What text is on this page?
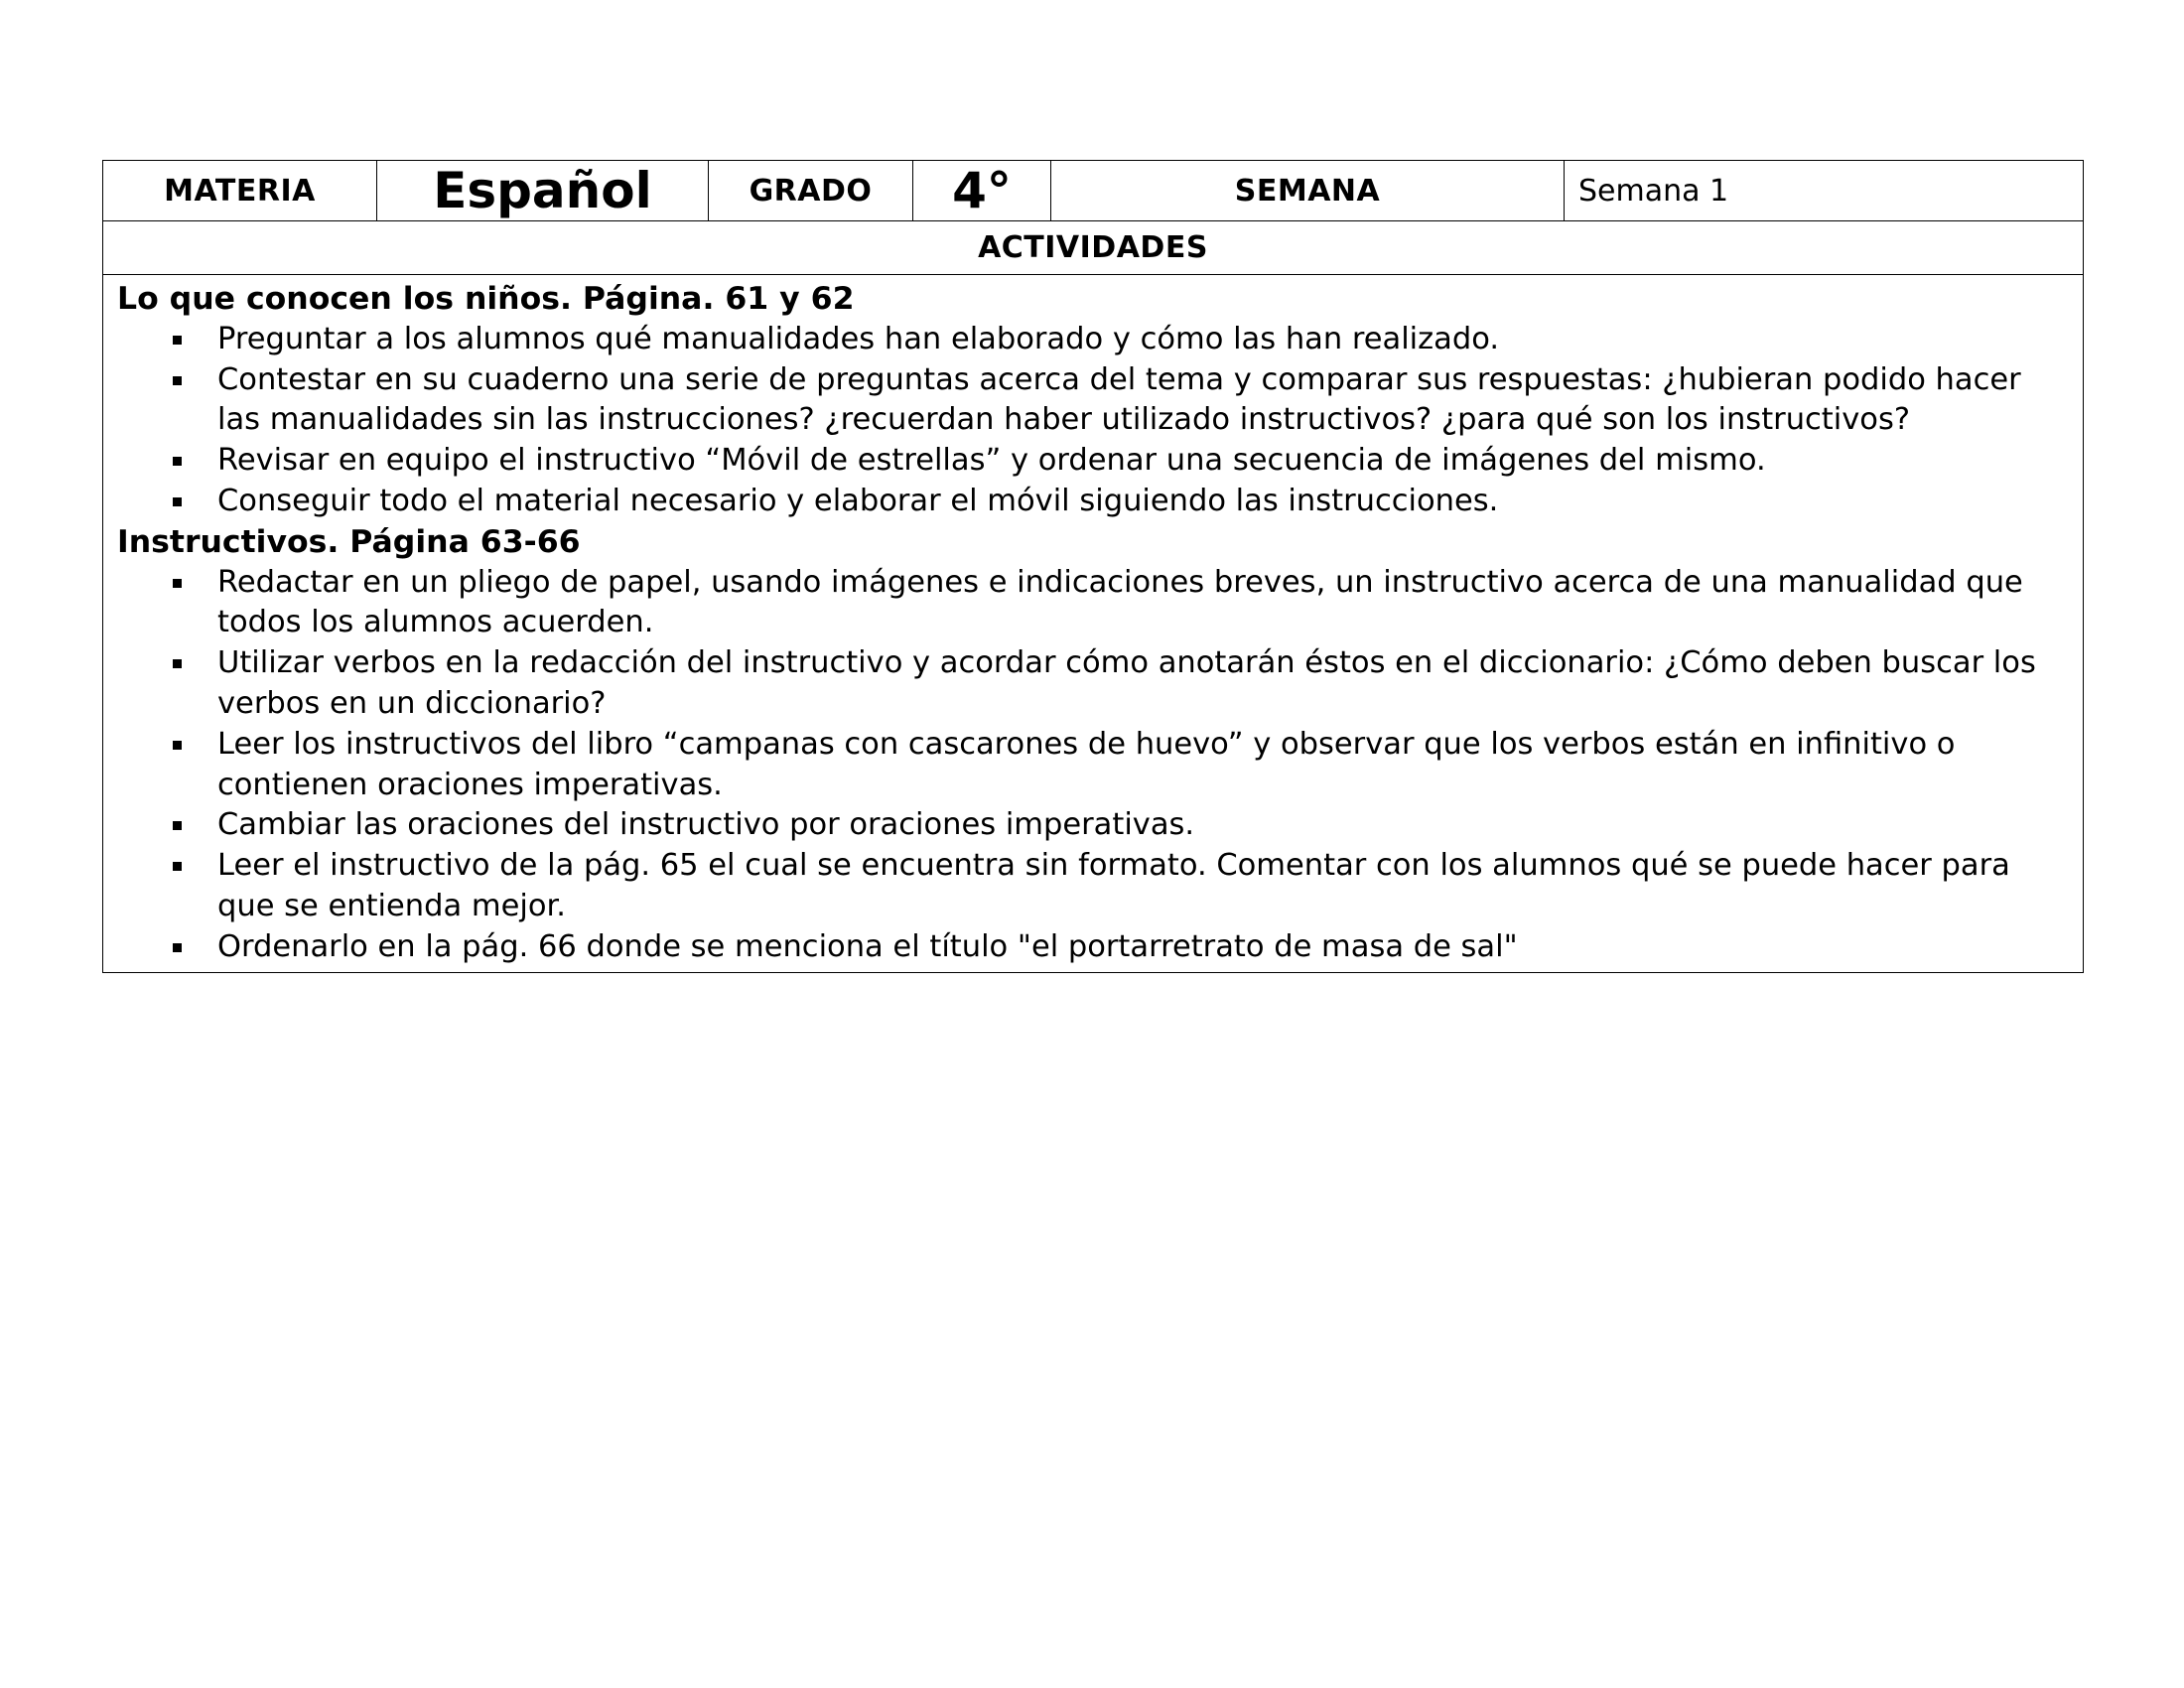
MATERIA	Español	GRADO	4°	SEMANA	Semana 1
ACTIVIDADES

Lo que conocen los niños. Página. 61 y 62

Preguntar a los alumnos qué manualidades han elaborado y cómo las han realizado.
Contestar en su cuaderno una serie de preguntas acerca del tema y comparar sus respuestas: ¿hubieran podido hacer las manualidades sin las instrucciones? ¿recuerdan haber utilizado instructivos? ¿para qué son los instructivos?
Revisar en equipo el instructivo “Móvil de estrellas” y ordenar una secuencia de imágenes del mismo.
Conseguir todo el material necesario y elaborar el móvil siguiendo las instrucciones.

Instructivos. Página 63-66

Redactar en un pliego de papel, usando imágenes e indicaciones breves, un instructivo acerca de una manualidad que todos los alumnos acuerden.
Utilizar verbos en la redacción del instructivo y acordar cómo anotarán éstos en el diccionario: ¿Cómo deben buscar los verbos en un diccionario?
Leer los instructivos del libro “campanas con cascarones de huevo” y observar que los verbos están en infinitivo o contienen oraciones imperativas.
Cambiar las oraciones del instructivo por oraciones imperativas.
Leer el instructivo de la pág. 65 el cual se encuentra sin formato. Comentar con los alumnos qué se puede hacer para que se entienda mejor.
Ordenarlo en la pág. 66 donde se menciona el título "el portarretrato de masa de sal"
